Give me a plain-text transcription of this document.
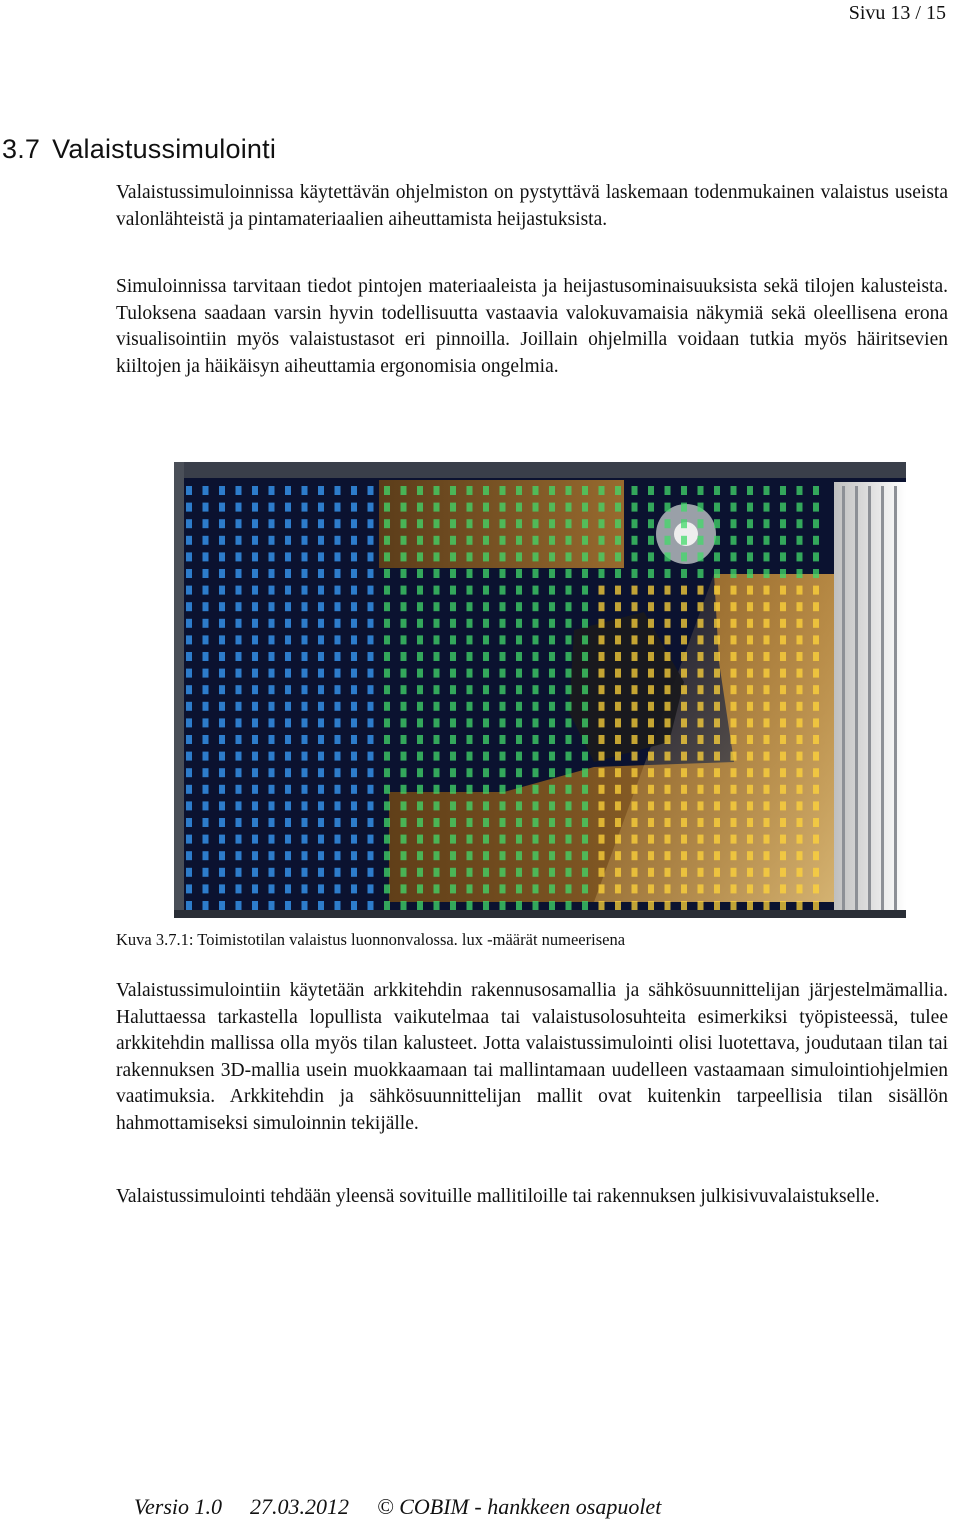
Sivu 13 / 15
3.7 Valaistussimulointi

Valaistussimuloinnissa käytettävän ohjelmiston on pystyttävä laskemaan todenmukainen valaistus useista valonlähteistä ja pintamateriaalien aiheuttamista heijastuksista.

Simuloinnissa tarvitaan tiedot pintojen materiaaleista ja heijastusominaisuuksista sekä tilojen kalusteista. Tuloksena saadaan varsin hyvin todellisuutta vastaavia valokuvamaisia näkymiä sekä oleellisena erona visualisointiin myös valaistustasot eri pinnoilla. Joillain ohjelmilla voidaan tutkia myös häiritsevien kiiltojen ja häikäisyn aiheuttamia ergonomisia ongelmia.

Kuva 3.7.1: Toimistotilan valaistus luonnonvalossa. lux -määrät numeerisena

Valaistussimulointiin käytetään arkkitehdin rakennusosamallia ja sähkösuunnittelijan järjestelmämallia. Haluttaessa tarkastella lopullista vaikutelmaa tai valaistusolosuhteita esimerkiksi työpisteessä, tulee arkkitehdin mallissa olla myös tilan kalusteet. Jotta valaistussimulointi olisi luotettava, joudutaan tilan tai rakennuksen 3D-mallia usein muokkaamaan tai mallintamaan uudelleen vastaamaan simulointiohjelmien vaatimuksia. Arkkitehdin ja sähkösuunnittelijan mallit ovat kuitenkin tarpeellisia tilan sisällön hahmottamiseksi simuloinnin tekijälle.

Valaistussimulointi tehdään yleensä sovituille mallitiloille tai rakennuksen julkisivuvalaistukselle.

Versio 1.0 27.03.2012 © COBIM - hankkeen osapuolet
